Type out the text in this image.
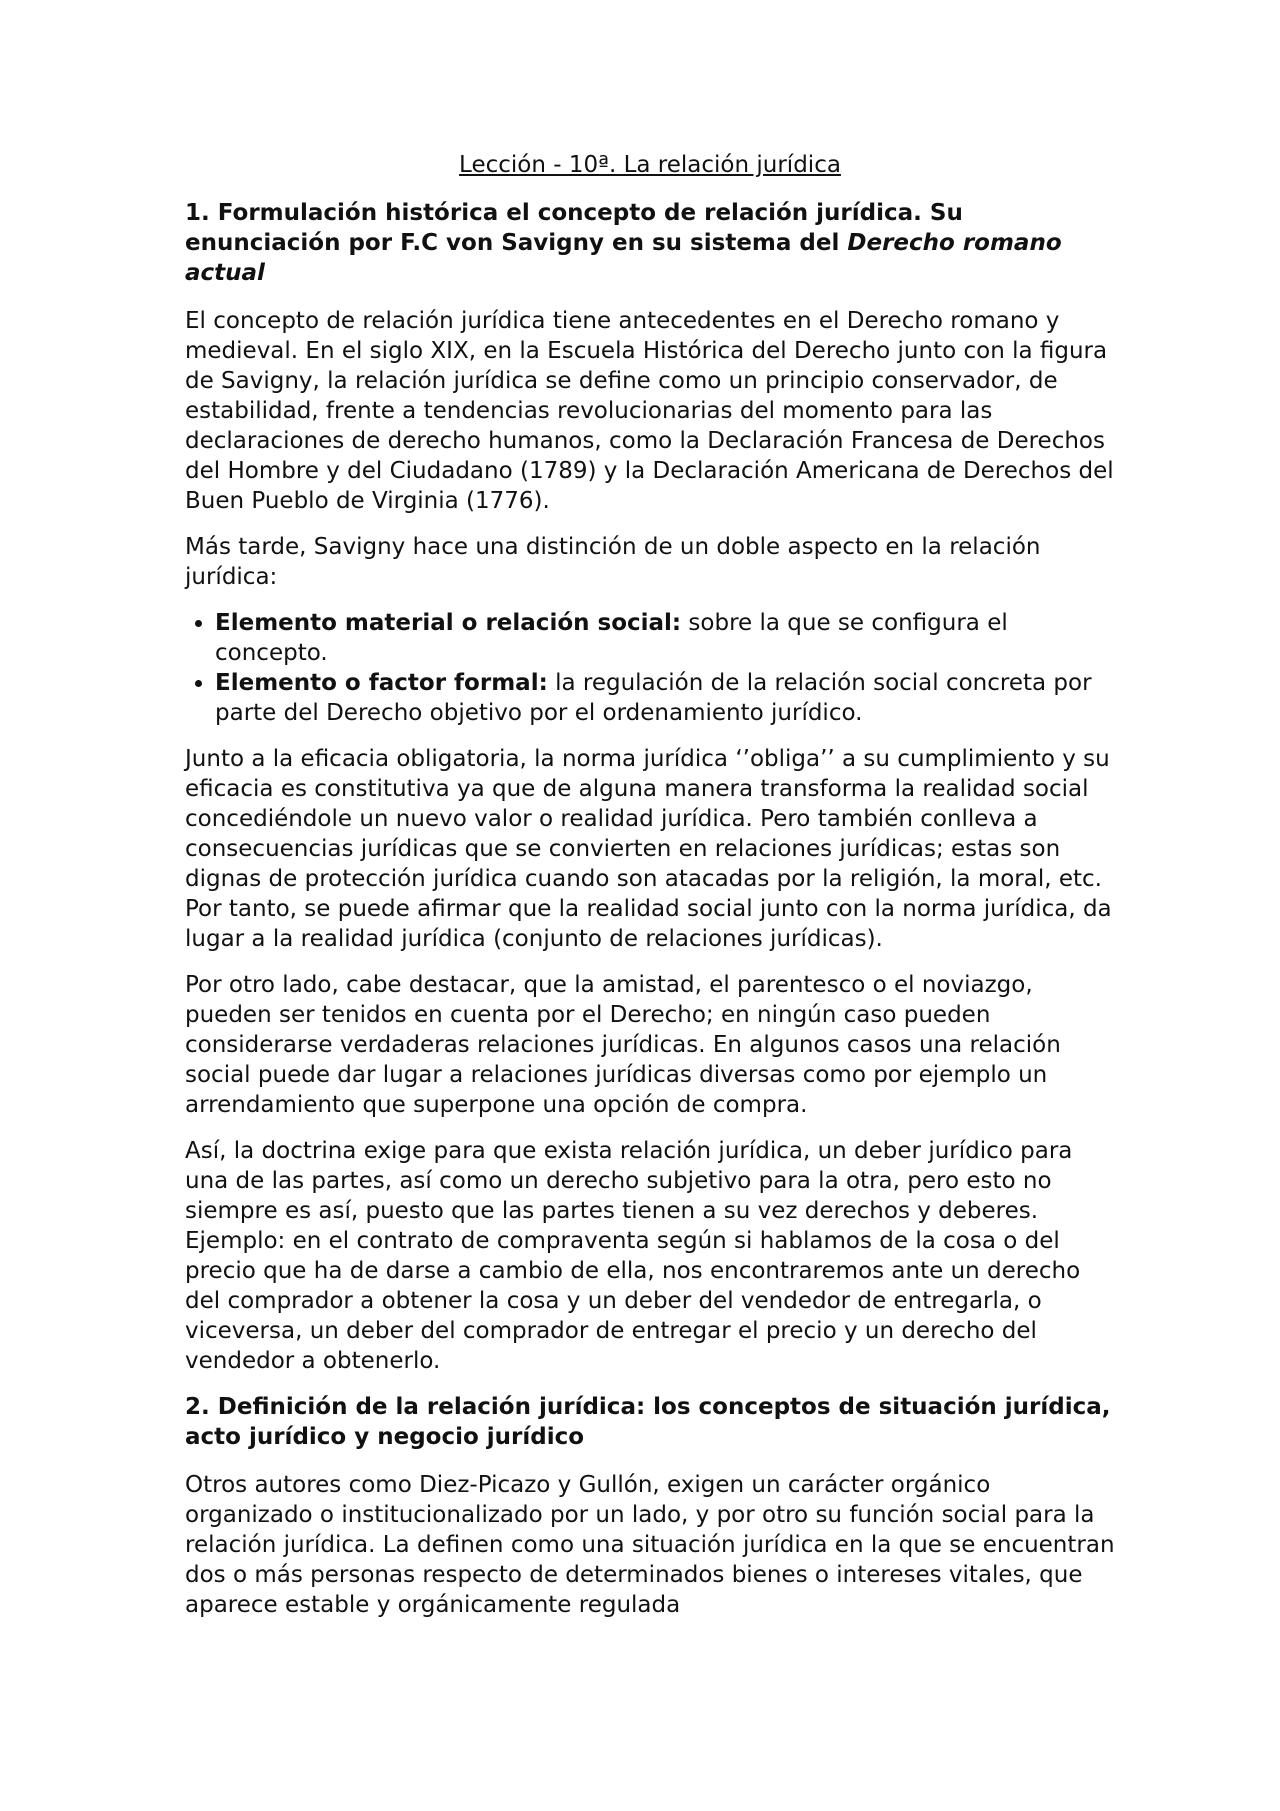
Lección - 10ª. La relación jurídica
1. Formulación histórica el concepto de relación jurídica. Su enunciación por F.C von Savigny en su sistema del Derecho romano actual

El concepto de relación jurídica tiene antecedentes en el Derecho romano y medieval. En el siglo XIX, en la Escuela Histórica del Derecho junto con la figura de Savigny, la relación jurídica se define como un principio conservador, de estabilidad, frente a tendencias revolucionarias del momento para las declaraciones de derecho humanos, como la Declaración Francesa de Derechos del Hombre y del Ciudadano (1789) y la Declaración Americana de Derechos del Buen Pueblo de Virginia (1776).

Más tarde, Savigny hace una distinción de un doble aspecto en la relación jurídica:

• Elemento material o relación social: sobre la que se configura el concepto.
• Elemento o factor formal: la regulación de la relación social concreta por parte del Derecho objetivo por el ordenamiento jurídico.

Junto a la eficacia obligatoria, la norma jurídica ‘’obliga’’ a su cumplimiento y su eficacia es constitutiva ya que de alguna manera transforma la realidad social concediéndole un nuevo valor o realidad jurídica. Pero también conlleva a consecuencias jurídicas que se convierten en relaciones jurídicas; estas son dignas de protección jurídica cuando son atacadas por la religión, la moral, etc. Por tanto, se puede afirmar que la realidad social junto con la norma jurídica, da lugar a la realidad jurídica (conjunto de relaciones jurídicas).

Por otro lado, cabe destacar, que la amistad, el parentesco o el noviazgo, pueden ser tenidos en cuenta por el Derecho; en ningún caso pueden considerarse verdaderas relaciones jurídicas. En algunos casos una relación social puede dar lugar a relaciones jurídicas diversas como por ejemplo un arrendamiento que superpone una opción de compra.

Así, la doctrina exige para que exista relación jurídica, un deber jurídico para una de las partes, así como un derecho subjetivo para la otra, pero esto no siempre es así, puesto que las partes tienen a su vez derechos y deberes. Ejemplo: en el contrato de compraventa según si hablamos de la cosa o del precio que ha de darse a cambio de ella, nos encontraremos ante un derecho del comprador a obtener la cosa y un deber del vendedor de entregarla, o viceversa, un deber del comprador de entregar el precio y un derecho del vendedor a obtenerlo.

2. Definición de la relación jurídica: los conceptos de situación jurídica, acto jurídico y negocio jurídico

Otros autores como Diez-Picazo y Gullón, exigen un carácter orgánico organizado o institucionalizado por un lado, y por otro su función social para la relación jurídica. La definen como una situación jurídica en la que se encuentran dos o más personas respecto de determinados bienes o intereses vitales, que aparece estable y orgánicamente regulada
